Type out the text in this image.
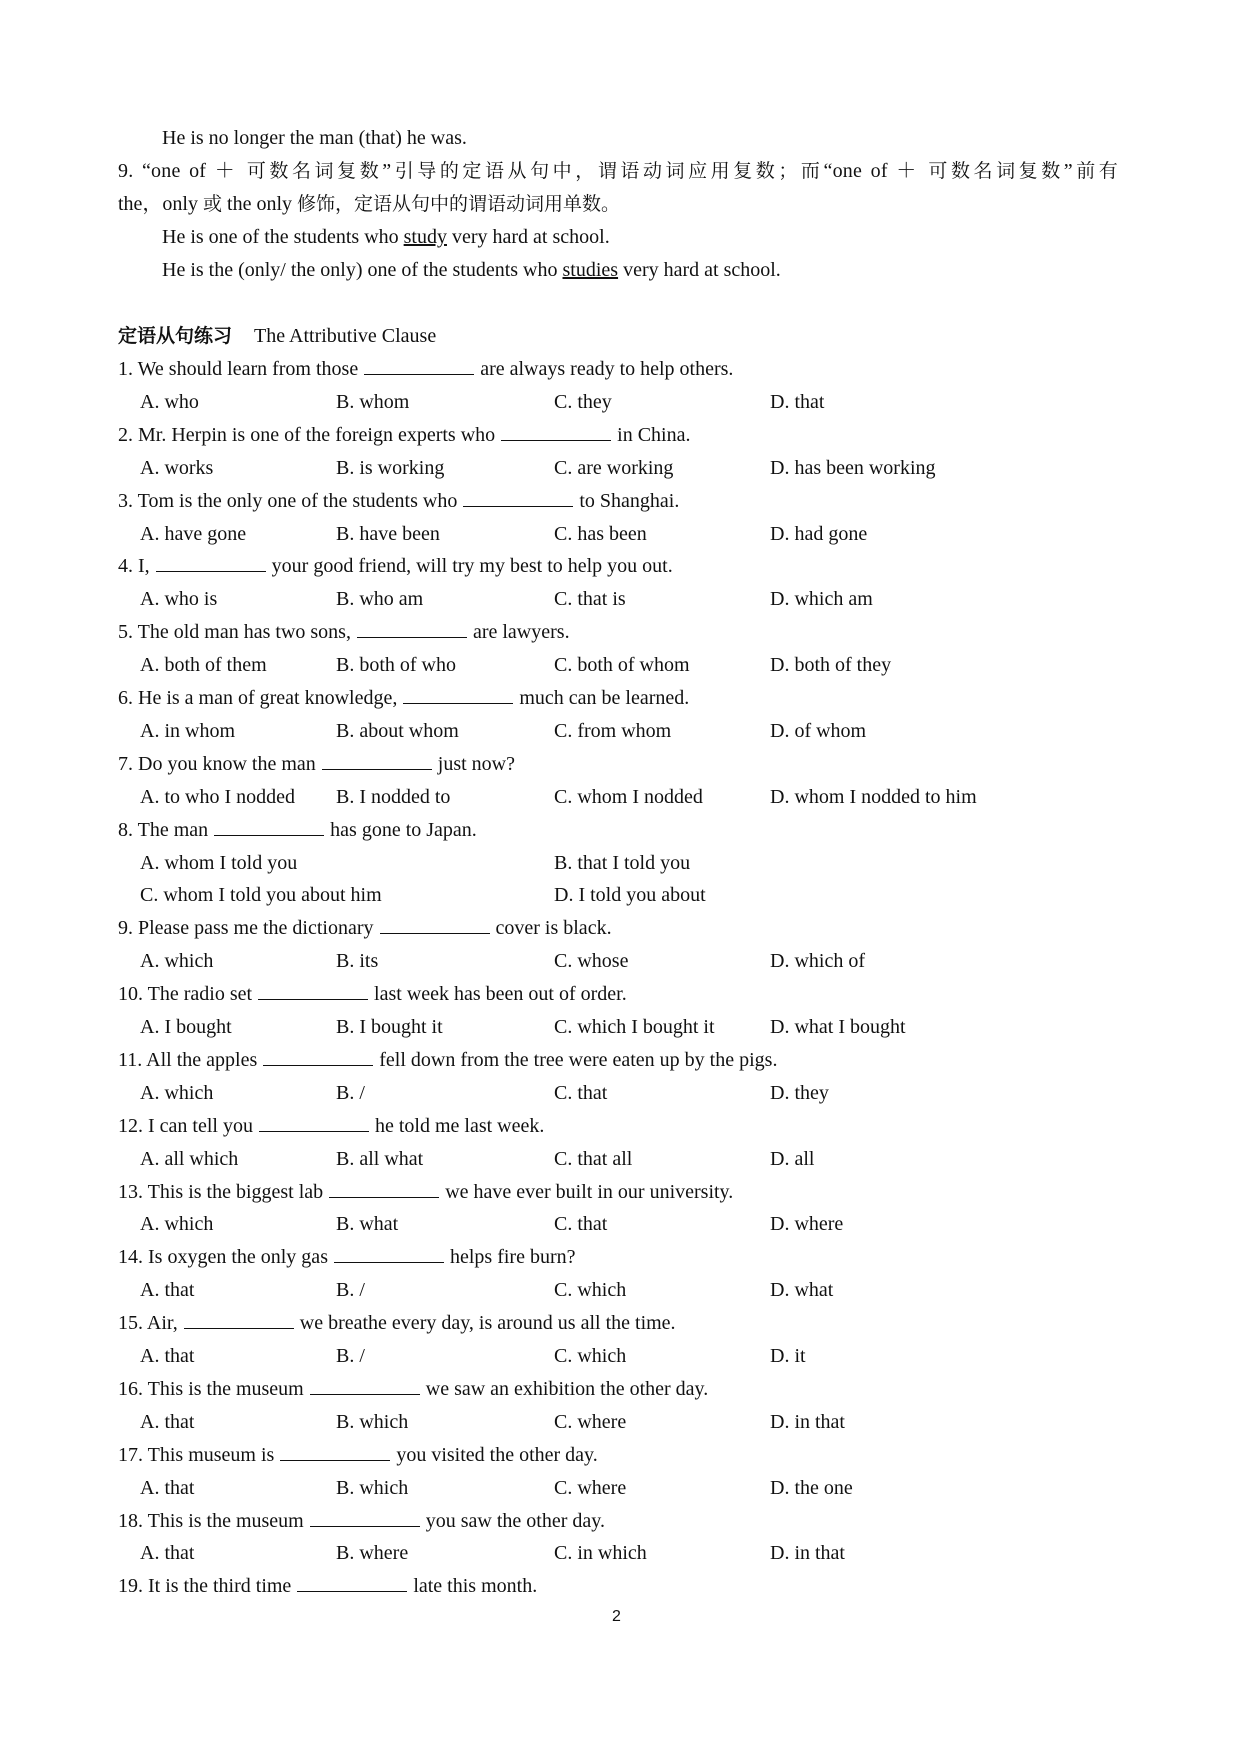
He is no longer the man (that) he was.
9. “one of ＋ 可数名词复数”引导的定语从句中，谓语动词应用复数；而“one of ＋ 可数名词复数”前有
the，only 或 the only 修饰，定语从句中的谓语动词用单数。
He is one of the students who study very hard at school.
He is the (only/ the only) one of the students who studies very hard at school.
定语从句练习 The Attributive Clause
1. We should learn from those	are always ready to help others.
A. who	B. whom	C. they	D. that
2. Mr. Herpin is one of the foreign experts who	in China.
A. works	B. is working	C. are working	D. has been working
3. Tom is the only one of the students who	to Shanghai.
A. have gone	B. have been	C. has been	D. had gone
4. I,	your good friend, will try my best to help you out.
A. who is	B. who am	C. that is	D. which am
5. The old man has two sons,	are lawyers.
A. both of them	B. both of who	C. both of whom	D. both of they
6. He is a man of great knowledge,	much can be learned.
A. in whom	B. about whom	C. from whom	D. of whom
7. Do you know the man	just now?
A. to who I nodded B. I nodded to	C. whom I nodded	D. whom I nodded to him
8. The man	has gone to Japan.
A. whom I told you	B. that I told you
C. whom I told you about him	D. I told you about
9. Please pass me the dictionary	cover is black.
A. which	B. its	C. whose	D. which of
10. The radio set	last week has been out of order.
A. I bought	B. I bought it	C. which I bought it	D. what I bought
11. All the apples	fell down from the tree were eaten up by the pigs.
A. which	B. /	C. that	D. they
12. I can tell you	he told me last week.
A. all which	B. all what	C. that all	D. all
13. This is the biggest lab	we have ever built in our university.
A. which	B. what	C. that	D. where
14. Is oxygen the only gas	helps fire burn?
A. that	B. /	C. which	D. what
15. Air,	we breathe every day, is around us all the time.
A. that	B. /	C. which	D. it
16. This is the museum	we saw an exhibition the other day.
A. that	B. which	C. where	D. in that
17. This museum is	you visited the other day.
A. that	B. which	C. where	D. the one
18. This is the museum	you saw the other day.
A. that	B. where	C. in which	D. in that
19. It is the third time	late this month.
2
